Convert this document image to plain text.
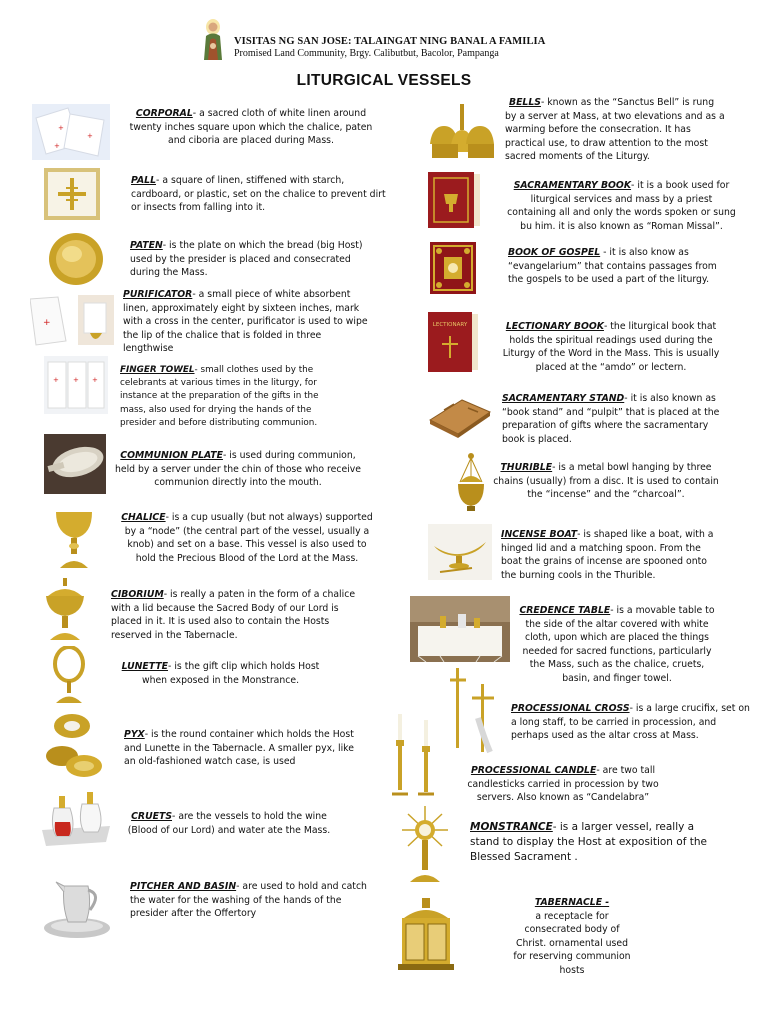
VISITAS NG SAN JOSE: TALAINGAT NING BANAL A FAMILIA
Promised Land Community, Brgy. Calibutbut, Bacolor, Pampanga
LITURGICAL VESSELS
+
+
+
CORPORAL- a sacred cloth of white linen around twenty inches square upon which the chalice, paten and ciboria are placed during Mass.
PALL- a square of linen, stiffened with starch, cardboard, or plastic, set on the chalice to prevent dirt or insects from falling into it.
PATEN- is the plate on which the bread (big Host) used by the presider is placed and consecrated during the Mass.
+
PURIFICATOR- a small piece of white absorbent linen, approximately eight by sixteen inches, mark with a cross in the center, purificator is used to wipe the lip of the chalice that is folded in three lengthwise
+ + +
FINGER TOWEL- small clothes used by the celebrants at various times in the liturgy, for instance at the preparation of the gifts in the mass, also used for drying the hands of the presider and before distributing communion.
COMMUNION PLATE- is used during communion, held by a server under the chin of those who receive communion directly into the mouth.
CHALICE- is a cup usually (but not always) supported by a “node” (the central part of the vessel, usually a knob) and set on a base. This vessel is also used to hold the Precious Blood of the Lord at the Mass.
CIBORIUM- is really a paten in the form of a chalice with a lid because the Sacred Body of our Lord is placed in it. It is used also to contain the Hosts reserved in the Tabernacle.
LUNETTE- is the gift clip which holds Host when exposed in the Monstrance.
PYX- is the round container which holds the Host and Lunette in the Tabernacle. A smaller pyx, like an old-fashioned watch case, is used
CRUETS- are the vessels to hold the wine (Blood of our Lord) and water ate the Mass.
PITCHER AND BASIN- are used to hold and catch the water for the washing of the hands of the presider after the Offertory
BELLS- known as the “Sanctus Bell” is rung by a server at Mass, at two elevations and as a warming before the consecration. It has practical use, to draw attention to the most sacred moments of the Liturgy.
SACRAMENTARY BOOK- it is a book used for liturgical services and mass by a priest containing all and only the words spoken or sung bu him. it is also known as “Roman Missal”.
BOOK OF GOSPEL - it is also know as “evangelarium” that contains passages from the gospels to be used a part of the liturgy.
LECTIONARY	LECTIONARY BOOK- the liturgical book that holds the spiritual readings used during the Liturgy of the Word in the Mass. This is usually placed at the “amdo” or lectern.
SACRAMENTARY STAND- it is also known as “book stand” and “pulpit” that is placed at the preparation of gifts where the sacramentary book is placed.
THURIBLE- is a metal bowl hanging by three chains (usually) from a disc. It is used to contain the “incense” and the “charcoal”.
INCENSE BOAT- is shaped like a boat, with a hinged lid and a matching spoon. From the boat the grains of incense are spooned onto the burning cools in the Thurible.
CREDENCE TABLE- is a movable table to the side of the altar covered with white cloth, upon which are placed the things needed for sacred functions, particularly the Mass, such as the chalice, cruets, basin, and finger towel.
PROCESSIONAL CROSS- is a large crucifix, set on a long staff, to be carried in procession, and perhaps used as the altar cross at Mass.
PROCESSIONAL CANDLE- are two tall candlesticks carried in procession by two servers. Also known as “Candelabra”
MONSTRANCE- is a larger vessel, really a stand to display the Host at exposition of the Blessed Sacrament .
TABERNACLE -
a receptacle for consecrated body of Christ. ornamental used for reserving communion hosts
